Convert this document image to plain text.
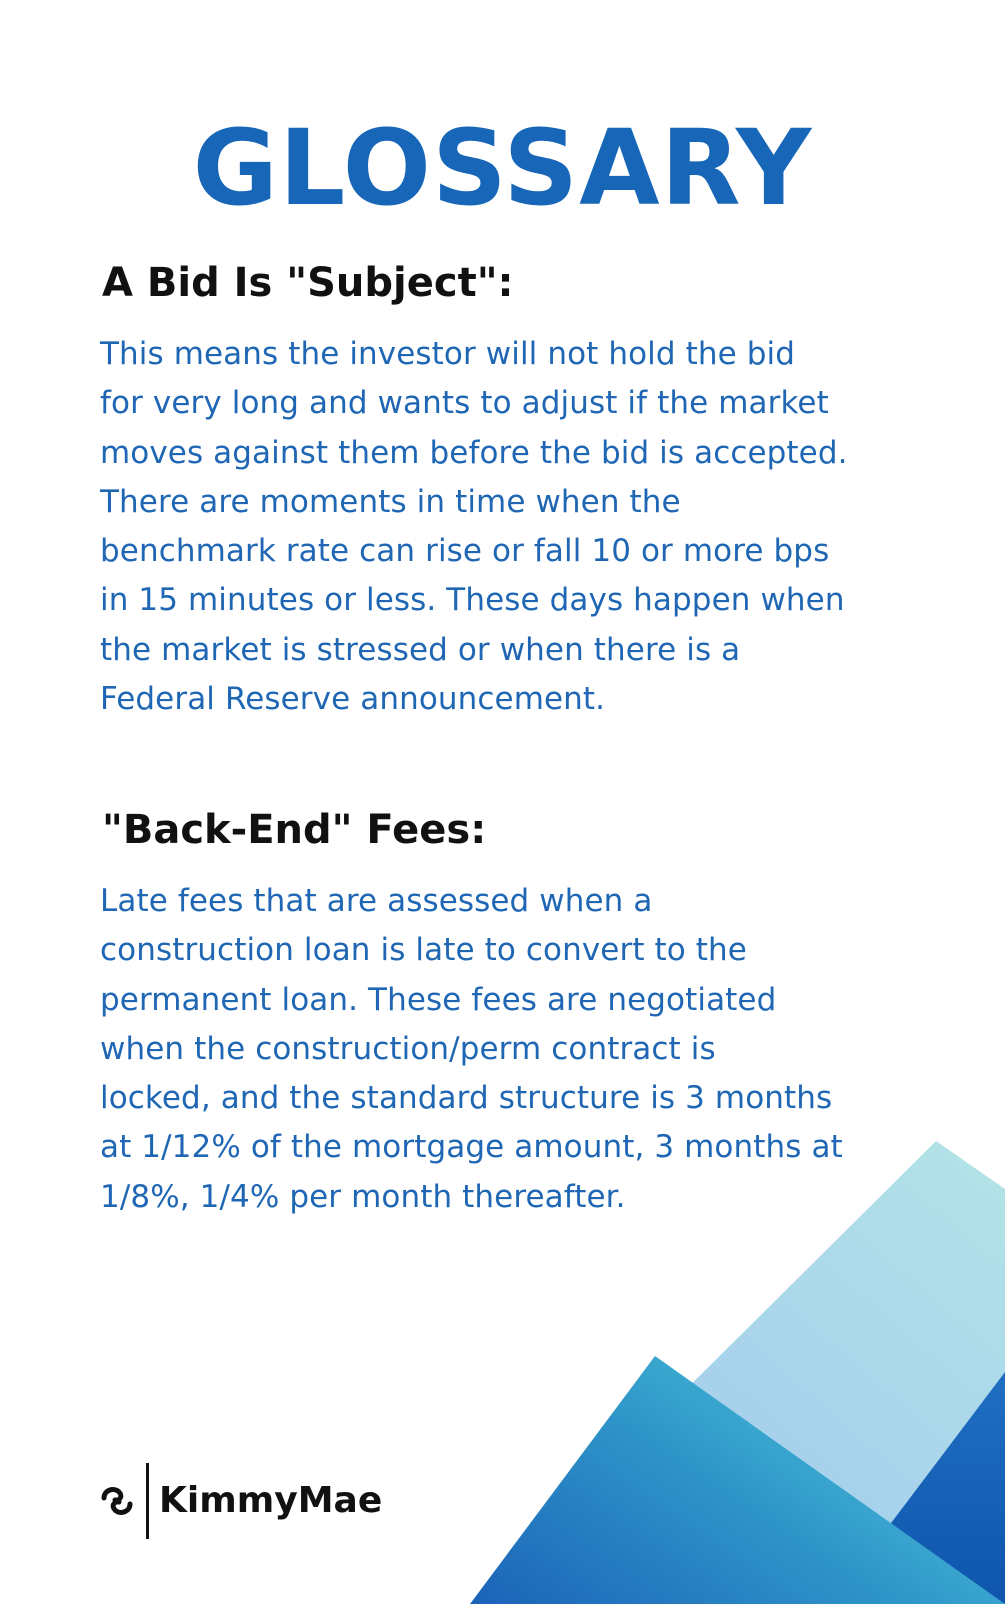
GLOSSARY
A Bid Is "Subject":

This means the investor will not hold the bid
for very long and wants to adjust if the market
moves against them before the bid is accepted.
There are moments in time when the
benchmark rate can rise or fall 10 or more bps
in 15 minutes or less. These days happen when
the market is stressed or when there is a
Federal Reserve announcement.

"Back-End" Fees:

Late fees that are assessed when a
construction loan is late to convert to the
permanent loan. These fees are negotiated
when the construction/perm contract is
locked, and the standard structure is 3 months
at 1/12% of the mortgage amount, 3 months at
1/8%, 1/4% per month thereafter.

KimmyMae
